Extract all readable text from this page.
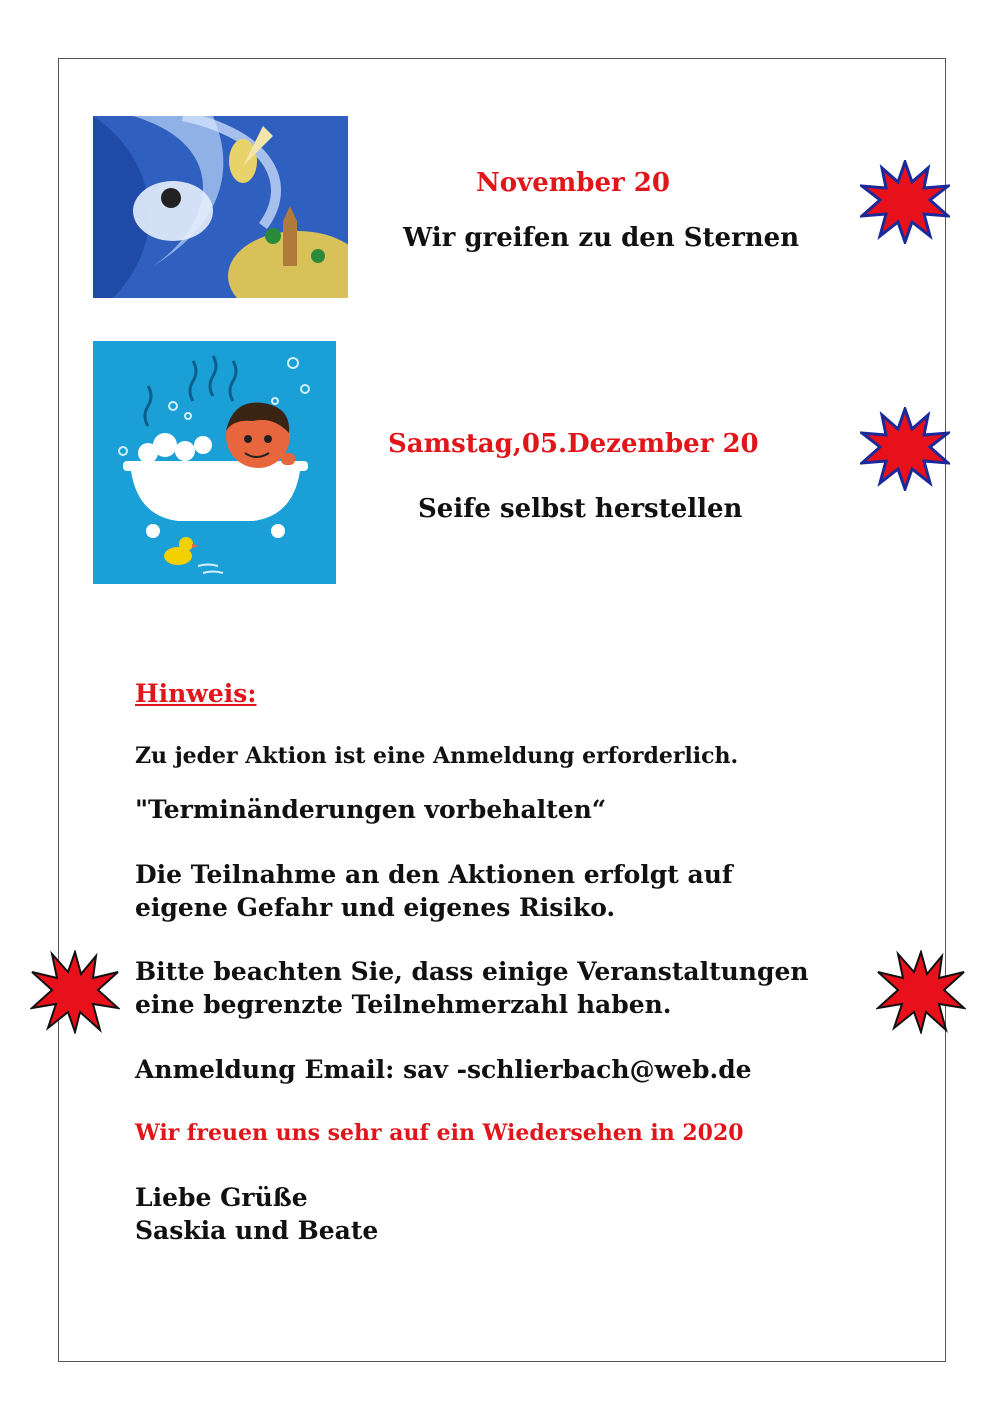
November 20
Wir greifen zu den Sternen
Samstag,05.Dezember 20
Seife selbst herstellen
Hinweis:
Zu jeder Aktion ist eine Anmeldung erforderlich.
"Terminänderungen vorbehalten“
Die Teilnahme an den Aktionen erfolgt auf
eigene Gefahr und eigenes Risiko.
Bitte beachten Sie, dass einige Veranstaltungen
eine begrenzte Teilnehmerzahl haben.
Anmeldung Email: sav -schlierbach@web.de
Wir freuen uns sehr auf ein Wiedersehen in 2020
Liebe Grüße
Saskia und Beate
